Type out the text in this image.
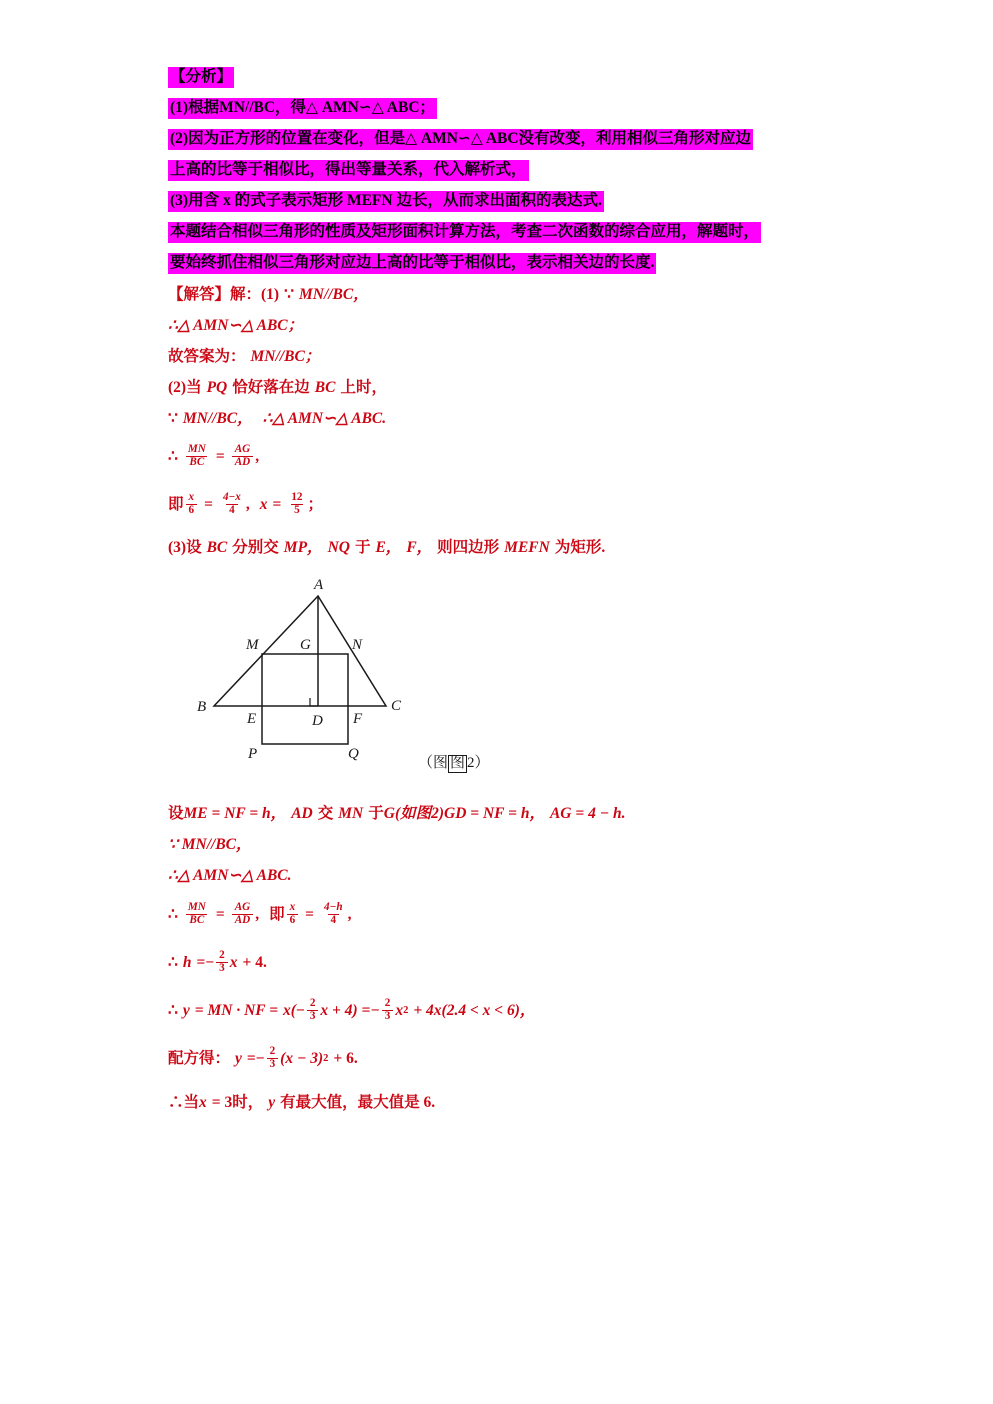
【分析】
(1)根据MN//BC，得△ AMN∽△ ABC；
(2)因为正方形的位置在变化，但是△ AMN∽△ ABC没有改变，利用相似三角形对应边
上高的比等于相似比，得出等量关系，代入解析式，
(3)用含 x 的式子表示矩形 MEFN 边长，从而求出面积的表达式.
本题结合相似三角形的性质及矩形面积计算方法，考查二次函数的综合应用，解题时，
要始终抓住相似三角形对应边上高的比等于相似比，表示相关边的长度.
【解答】解： (1) ∵ MN//BC，
∴△ AMN∽△ ABC；
故答案为： MN//BC；
(2) 当 PQ 恰好落在边 BC 上时，
∵ MN//BC， ∴△ AMN∽△ ABC.
∴ $\frac{MN}{BC} = \frac{AG}{AD}$ ,
即 $\frac{x}{6} = \frac{4-x}{4}$ , $x = \frac{12}{5}$ ；
(3) 设 BC 分别交 MP， NQ 于 E， F， 则四边形 MEFN 为矩形.
A
B	C
D
E	F
G
M	N
P	Q
（图 图 2）
设 ME = NF = h， AD 交 MN 于 G(如图2)GD = NF = h， AG = 4 − h.
∵ MN//BC，
∴△ AMN∽△ ABC.
∴ $\frac{MN}{BC} = \frac{AG}{AD}$ , 即 $\frac{x}{6} = \frac{4-h}{4}$ ,
∴ $h =- \frac{2}{3}$ x + 4.
∴ y = MN · NF = $x( - \frac{2}{3}$ $x + 4) =- \frac{2}{3}$ x 2 + 4x(2.4 < x < 6)，
配方得： $y =- \frac{2}{3} (x - 3) 2 + 6$.
∴当 x = 3时， y 有最大值，最大值是 6.
